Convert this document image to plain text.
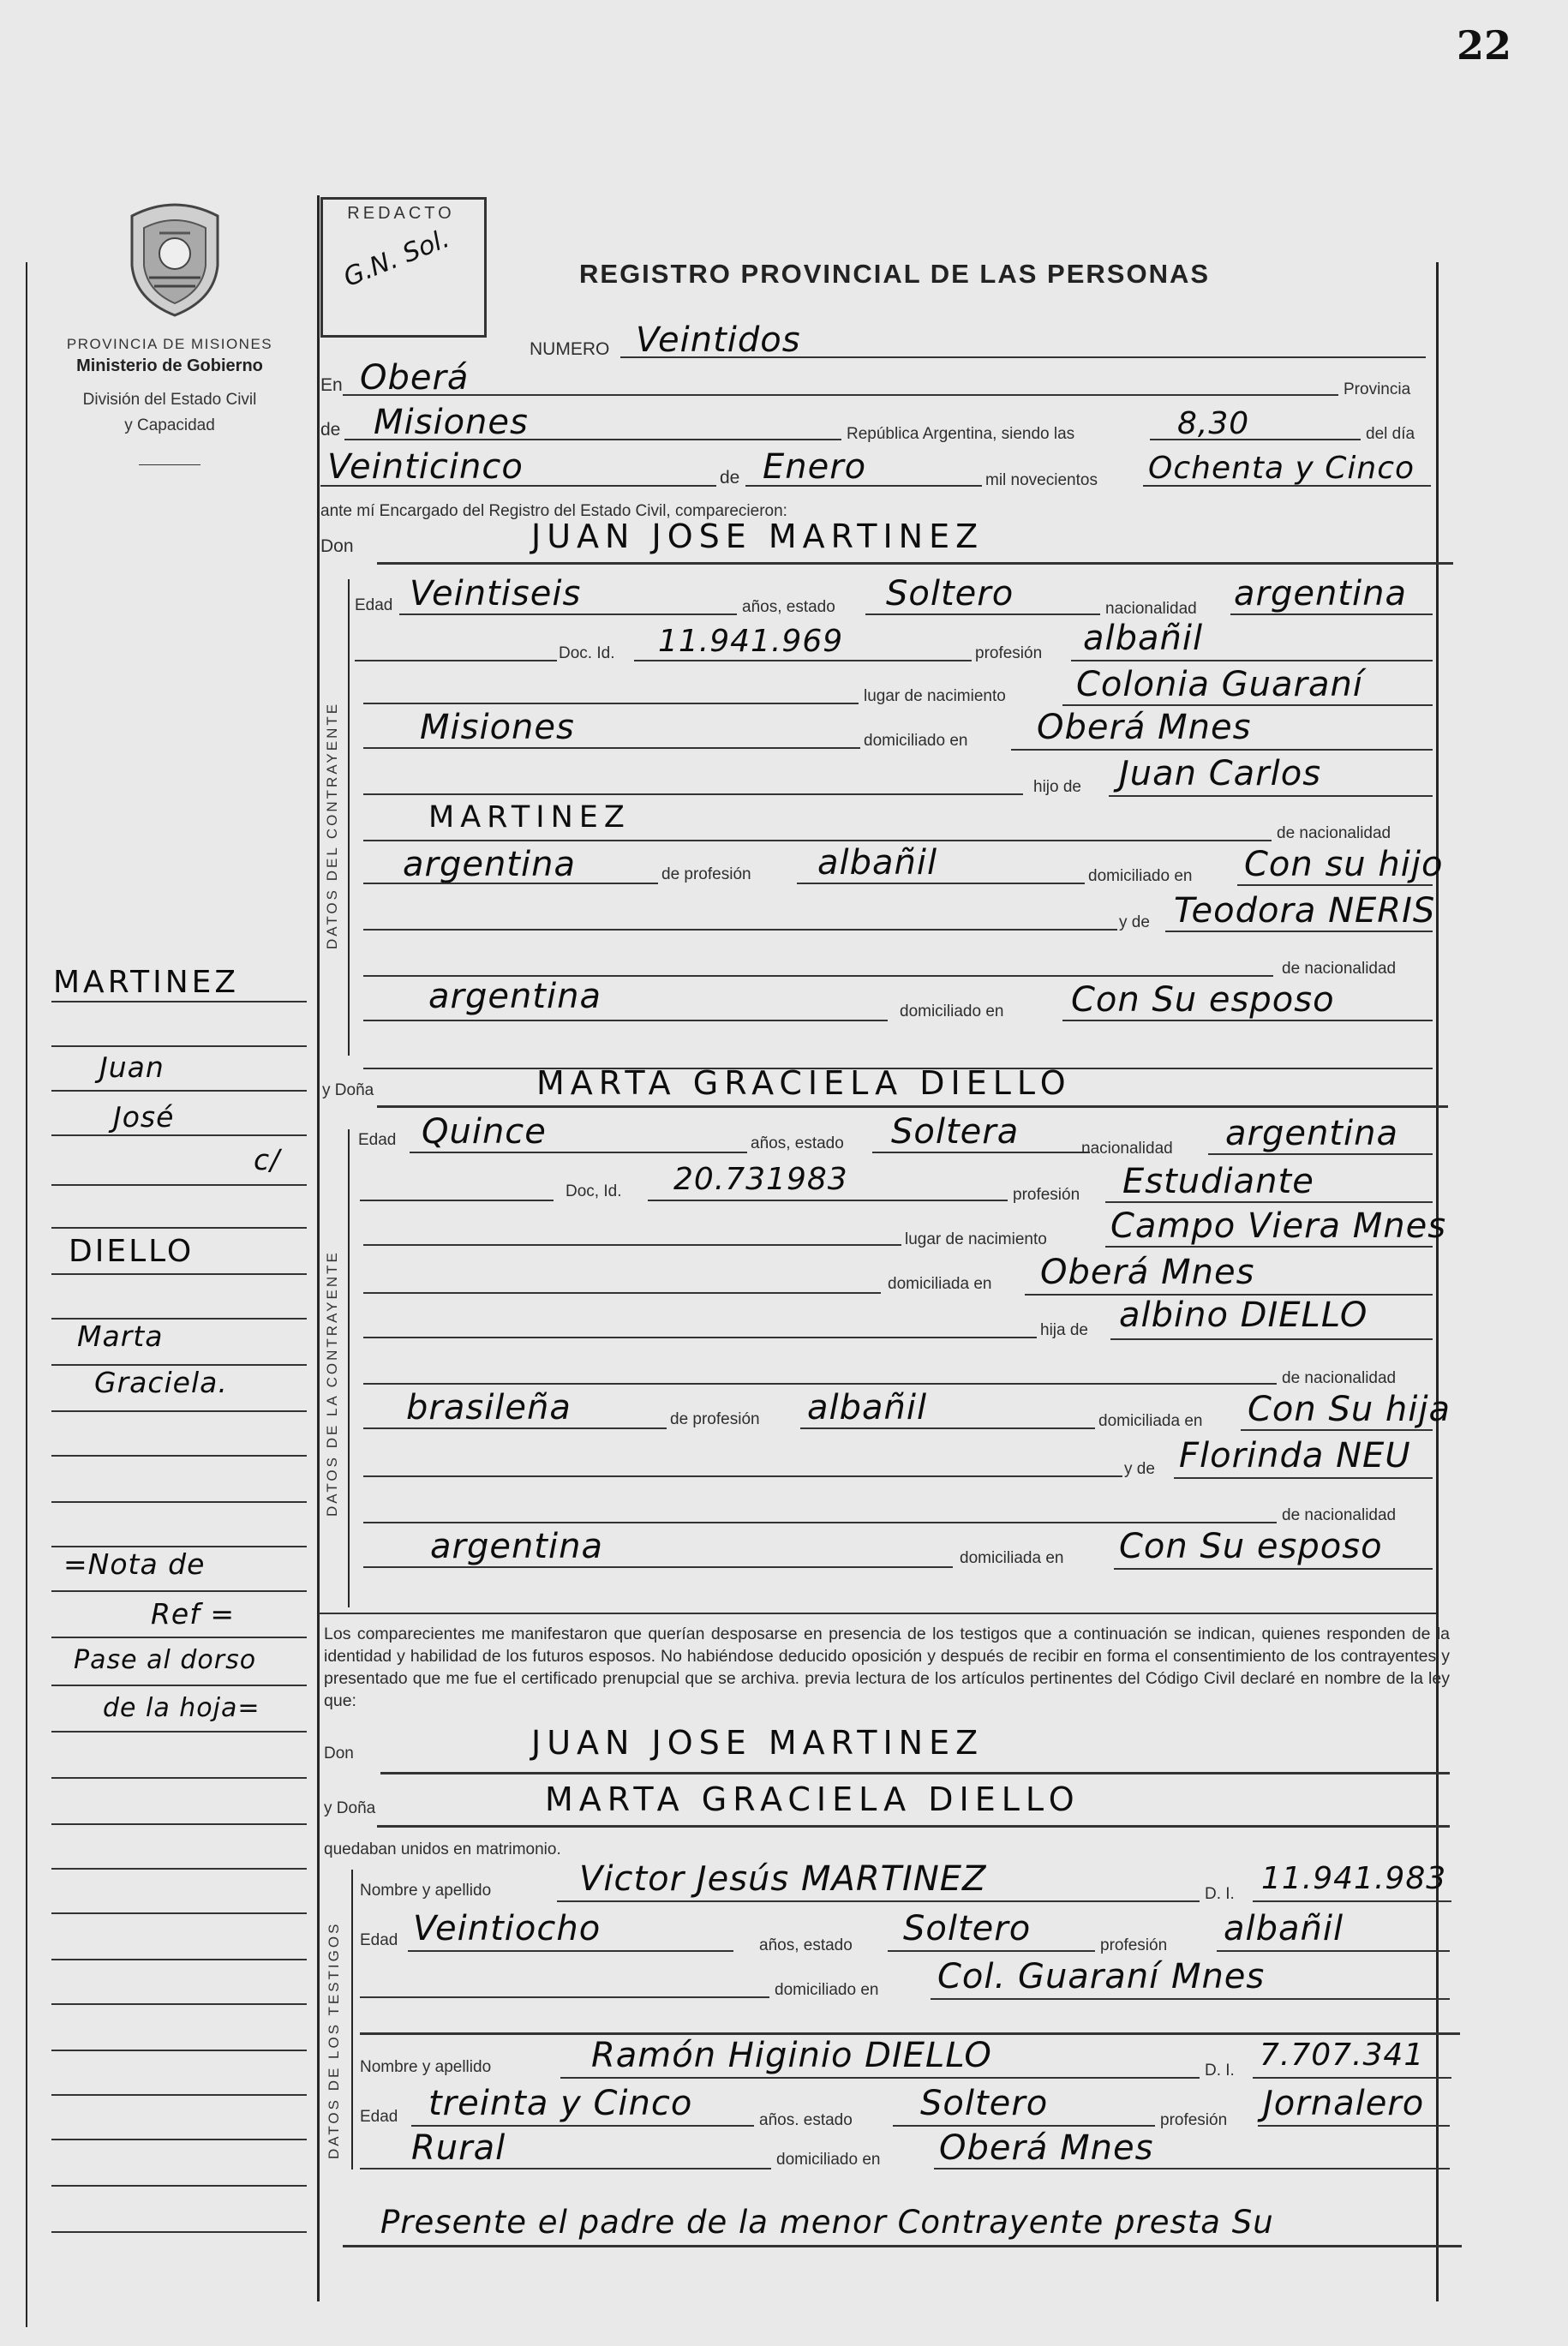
22
PROVINCIA DE MISIONES
Ministerio de Gobierno
División del Estado Civil
y Capacidad
REDACTO
G.N. Sol.	REGISTRO PROVINCIAL DE LAS PERSONAS
DATOS DEL CONTRAYENTE
DATOS DE LA CONTRAYENTE
DATOS DE LOS TESTIGOS
NUMERO Veintidos
En Oberá	Provincia
de Misiones	República Argentina, siendo las	8,30	del día
Veinticinco	de Enero	mil novecientos Ochenta y Cinco
ante mí Encargado del Registro del Estado Civil, comparecieron:
Don	JUAN JOSE MARTINEZ
Edad Veintiseis	años, estado Soltero	nacionalidad argentina
Doc. Id. 11.941.969	profesión albañil
lugar de nacimiento Colonia Guaraní
Misiones	domiciliado en Oberá Mnes
hijo de Juan Carlos
MARTINEZ	de nacionalidad
argentina	de profesión albañil	domiciliado en Con su hijo
y de Teodora NERIS
de nacionalidad
argentina	domiciliado en Con Su esposo
y Doña	MARTA GRACIELA DIELLO
Edad Quince	años, estado Soltera	nacionalidad argentina
Doc, Id. 20.731983	profesión Estudiante
lugar de nacimiento Campo Viera Mnes
domiciliada en Oberá Mnes
hija de albino DIELLO
de nacionalidad
brasileña	de profesión albañil	domiciliada en Con Su hija
y de Florinda NEU
de nacionalidad
argentina	domiciliada en Con Su esposo
Los comparecientes me manifestaron que querían desposarse en presencia de los testigos que a continuación se indican, quienes responden de la identidad y habilidad de los futuros esposos. No habiéndose deducido oposición y después de recibir en forma el consentimiento de los contrayentes y presentado que me fue el certificado prenupcial que se archiva. previa lectura de los artículos pertinentes del Código Civil declaré en nombre de la ley que:
Don	JUAN JOSE MARTINEZ
y Doña	MARTA GRACIELA DIELLO
quedaban unidos en matrimonio.
Nombre y apellido	Victor Jesús MARTINEZ	D. I. 11.941.983
Edad Veintiocho	años, estado Soltero	profesión albañil
domiciliado en Col. Guaraní Mnes
Nombre y apellido	Ramón Higinio DIELLO	D. I. 7.707.341
Edad treinta y Cinco	años. estado Soltero	profesión Jornalero
Rural	domiciliado en Oberá Mnes
Presente el padre de la menor Contrayente presta Su
MARTINEZ
Juan
José
c/
DIELLO
Marta
Graciela.
=Nota de
Ref =
Pase al dorso
de la hoja=
